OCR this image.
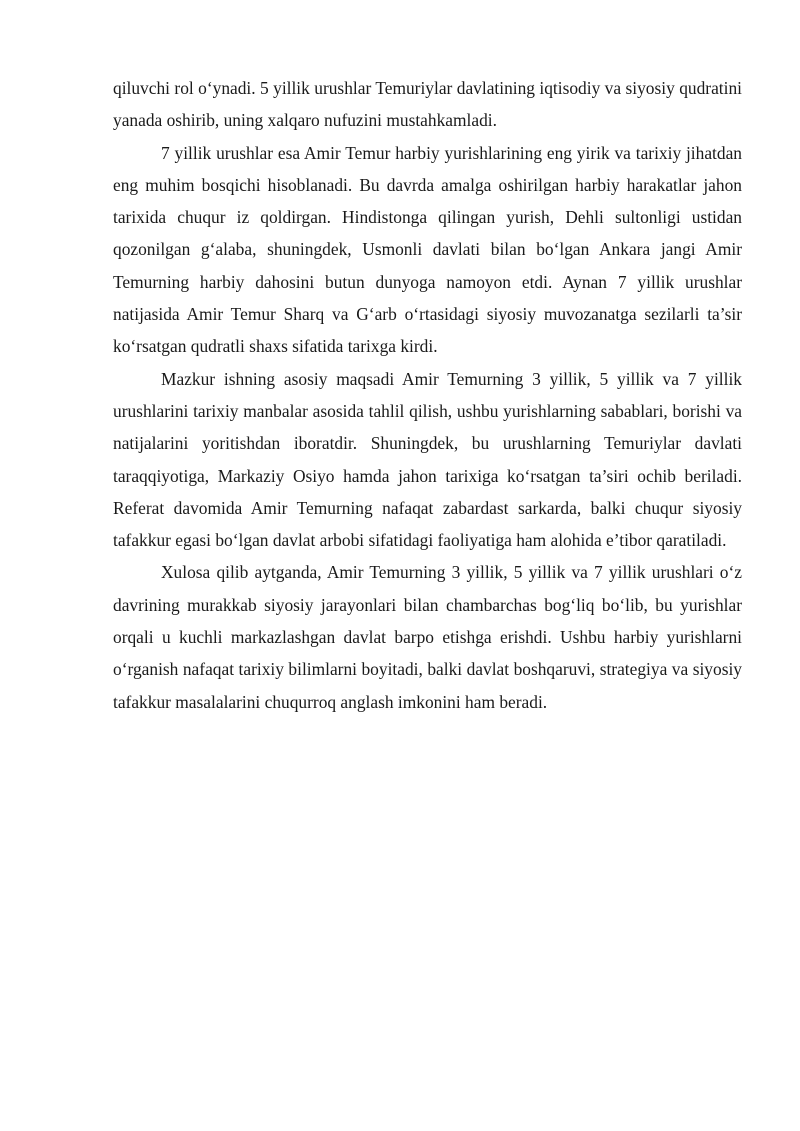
qiluvchi rol o‘ynadi. 5 yillik urushlar Temuriylar davlatining iqtisodiy va siyosiy qudratini yanada oshirib, uning xalqaro nufuzini mustahkamladi.

7 yillik urushlar esa Amir Temur harbiy yurishlarining eng yirik va tarixiy jihatdan eng muhim bosqichi hisoblanadi. Bu davrda amalga oshirilgan harbiy harakatlar jahon tarixida chuqur iz qoldirgan. Hindistonga qilingan yurish, Dehli sultonligi ustidan qozonilgan g‘alaba, shuningdek, Usmonli davlati bilan bo‘lgan Ankara jangi Amir Temurning harbiy dahosini butun dunyoga namoyon etdi. Aynan 7 yillik urushlar natijasida Amir Temur Sharq va G‘arb o‘rtasidagi siyosiy muvozanatga sezilarli ta’sir ko‘rsatgan qudratli shaxs sifatida tarixga kirdi.

Mazkur ishning asosiy maqsadi Amir Temurning 3 yillik, 5 yillik va 7 yillik urushlarini tarixiy manbalar asosida tahlil qilish, ushbu yurishlarning sabablari, borishi va natijalarini yoritishdan iboratdir. Shuningdek, bu urushlarning Temuriylar davlati taraqqiyotiga, Markaziy Osiyo hamda jahon tarixiga ko‘rsatgan ta’siri ochib beriladi. Referat davomida Amir Temurning nafaqat zabardast sarkarda, balki chuqur siyosiy tafakkur egasi bo‘lgan davlat arbobi sifatidagi faoliyatiga ham alohida e’tibor qaratiladi.

Xulosa qilib aytganda, Amir Temurning 3 yillik, 5 yillik va 7 yillik urushlari o‘z davrining murakkab siyosiy jarayonlari bilan chambarchas bog‘liq bo‘lib, bu yurishlar orqali u kuchli markazlashgan davlat barpo etishga erishdi. Ushbu harbiy yurishlarni o‘rganish nafaqat tarixiy bilimlarni boyitadi, balki davlat boshqaruvi, strategiya va siyosiy tafakkur masalalarini chuqurroq anglash imkonini ham beradi.
